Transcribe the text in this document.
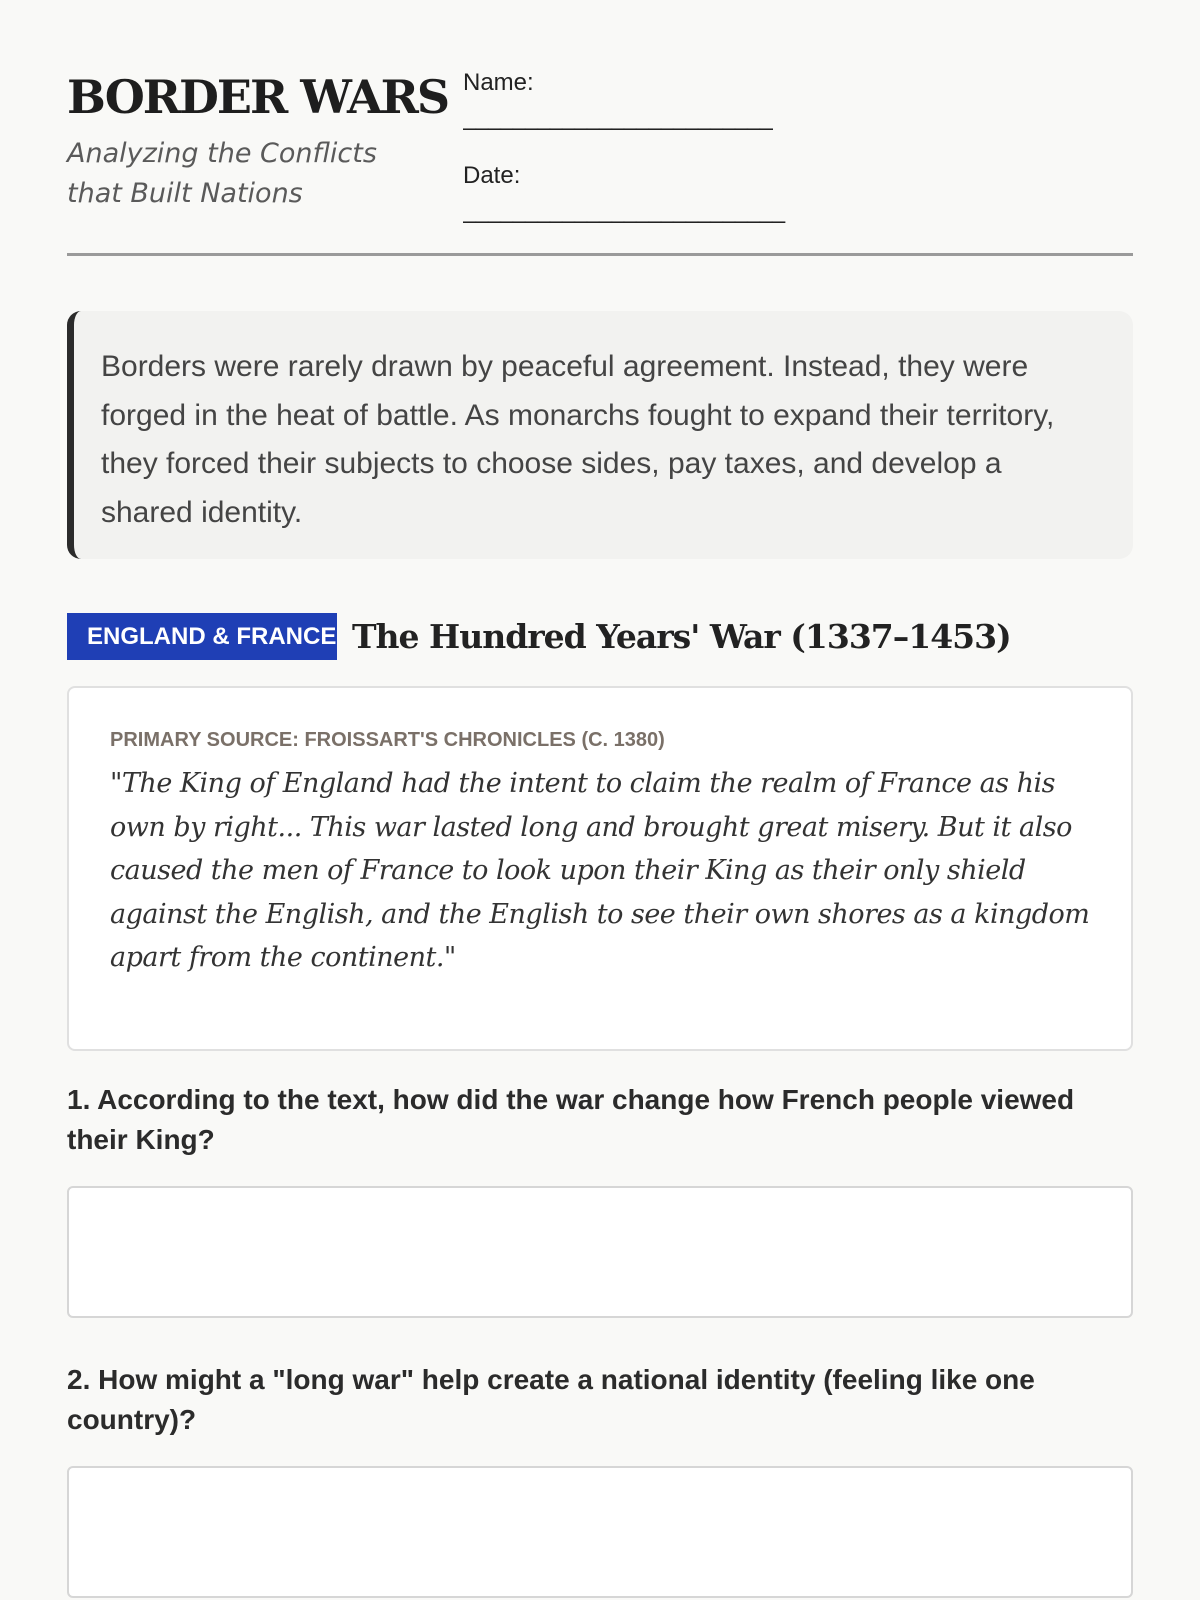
BORDER WARS
Analyzing the Conflicts that Built Nations
Name:
_________________________
Date:
__________________________
Borders were rarely drawn by peaceful agreement. Instead, they were forged in the heat of battle. As monarchs fought to expand their territory, they forced their subjects to choose sides, pay taxes, and develop a shared identity.
ENGLAND & FRANCE The Hundred Years' War (1337–1453)
PRIMARY SOURCE: FROISSART'S CHRONICLES (C. 1380)
"The King of England had the intent to claim the realm of France as his own by right... This war lasted long and brought great misery. But it also caused the men of France to look upon their King as their only shield against the English, and the English to see their own shores as a kingdom apart from the continent."
1. According to the text, how did the war change how French people viewed their King?
2. How might a "long war" help create a national identity (feeling like one country)?
